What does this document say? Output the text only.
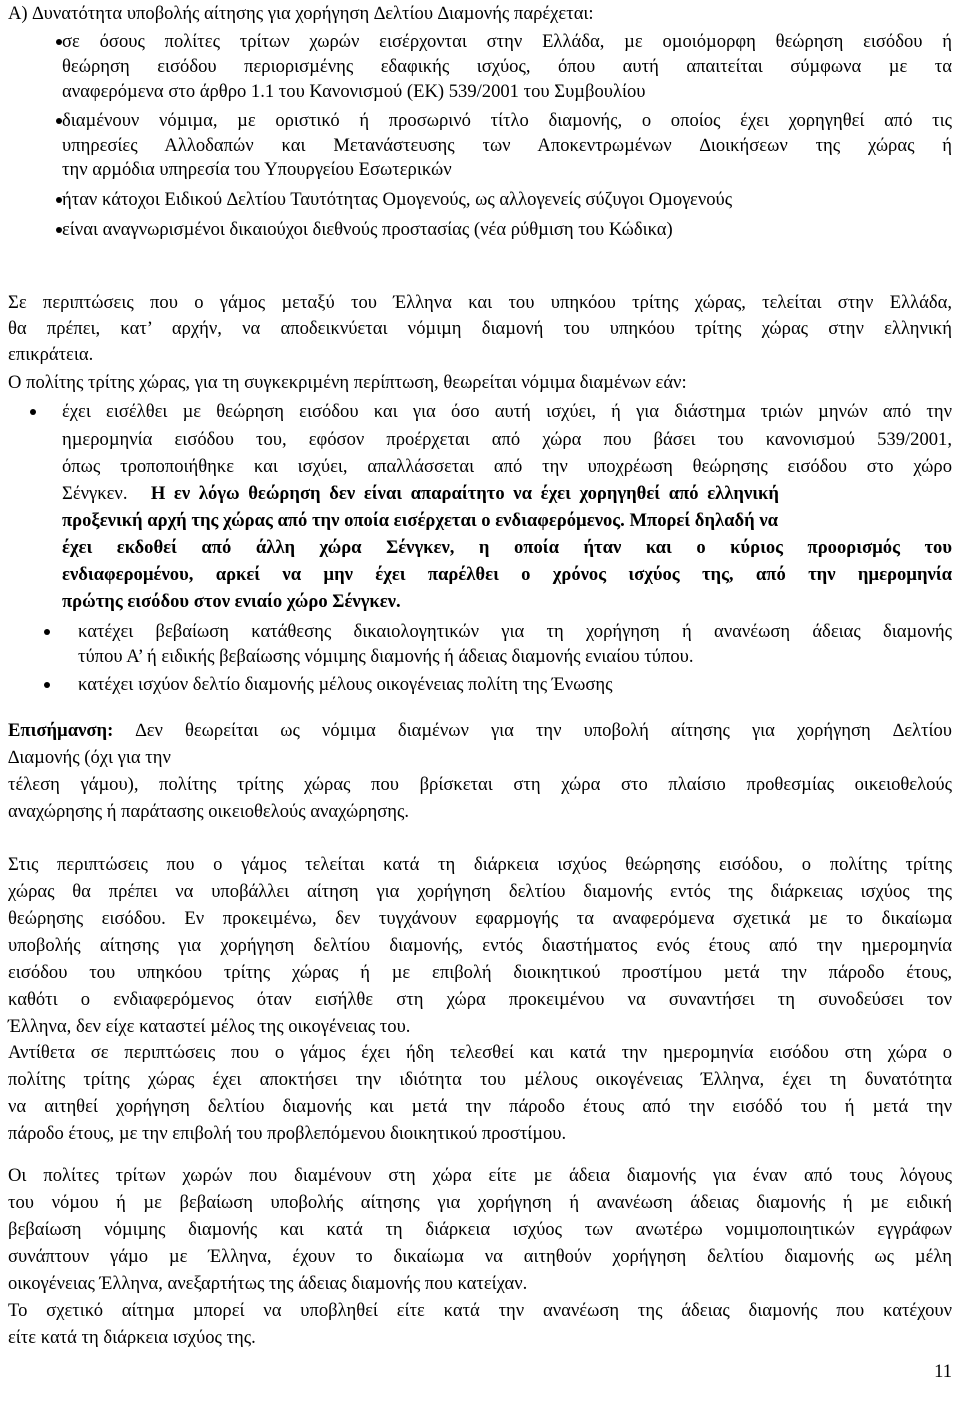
Α) ∆υνατότητα υποβολής αίτησης για χορήγηση ∆ελτίου ∆ιαµονής παρέχεται:
σε όσους πολίτες τρίτων χωρών εισέρχονται στην Ελλάδα, µε οµοιόµορφη θεώρηση εισόδου ή
θεώρηση εισόδου περιορισµένης εδαφικής ισχύος, όπου αυτή απαιτείται σύµφωνα µε τα
αναφερόµενα στο άρθρο 1.1 του Κανονισµού (ΕΚ) 539/2001 του Συµβουλίου
διαµένουν νόµιµα, µε οριστικό ή προσωρινό τίτλο διαµονής, ο οποίος έχει χορηγηθεί από τις
υπηρεσίες Αλλοδαπών και Μετανάστευσης των Αποκεντρωµένων ∆ιοικήσεων της χώρας ή
την αρµόδια υπηρεσία του Υπουργείου Εσωτερικών
ήταν κάτοχοι Ειδικού ∆ελτίου Ταυτότητας Οµογενούς, ως αλλογενείς σύζυγοι Οµογενούς
είναι αναγνωρισµένοι δικαιούχοι διεθνούς προστασίας (νέα ρύθµιση του Κώδικα)
Σε περιπτώσεις που ο γάµος µεταξύ του Έλληνα και του υπηκόου τρίτης χώρας, τελείται στην Ελλάδα,
θα πρέπει, κατ’ αρχήν, να αποδεικνύεται νόµιµη διαµονή του υπηκόου τρίτης χώρας στην ελληνική
επικράτεια.
Ο πολίτης τρίτης χώρας, για τη συγκεκριµένη περίπτωση, θεωρείται νόµιµα διαµένων εάν:
έχει εισέλθει µε θεώρηση εισόδου και για όσο αυτή ισχύει, ή για διάστηµα τριών µηνών από την
ηµεροµηνία εισόδου του, εφόσον προέρχεται από χώρα που βάσει του κανονισµού 539/2001,
όπως τροποποιήθηκε και ισχύει, απαλλάσσεται από την υποχρέωση θεώρησης εισόδου στο χώρο
Σένγκεν. Η εν λόγω θεώρηση δεν είναι απαραίτητο να έχει χορηγηθεί από ελληνική
προξενική αρχή της χώρας από την οποία εισέρχεται ο ενδιαφερόµενος. Μπορεί δηλαδή να
έχει εκδοθεί από άλλη χώρα Σένγκεν, η οποία ήταν και ο κύριος προορισµός του
ενδιαφεροµένου, αρκεί να µην έχει παρέλθει ο χρόνος ισχύος της, από την ηµεροµηνία
πρώτης εισόδου στον ενιαίο χώρο Σένγκεν.
κατέχει βεβαίωση κατάθεσης δικαιολογητικών για τη χορήγηση ή ανανέωση άδειας διαµονής
τύπου Α’ ή ειδικής βεβαίωσης νόµιµης διαµονής ή άδειας διαµονής ενιαίου τύπου.
κατέχει ισχύον δελτίο διαµονής µέλους οικογένειας πολίτη της Ένωσης
Επισήµανση: ∆εν θεωρείται ως νόµιµα διαµένων για την υποβολή αίτησης για χορήγηση ∆ελτίου
∆ιαµονής (όχι για την
τέλεση γάµου), πολίτης τρίτης χώρας που βρίσκεται στη χώρα στο πλαίσιο προθεσµίας οικειοθελούς
αναχώρησης ή παράτασης οικειοθελούς αναχώρησης.
Στις περιπτώσεις που ο γάµος τελείται κατά τη διάρκεια ισχύος θεώρησης εισόδου, ο πολίτης τρίτης
χώρας θα πρέπει να υποβάλλει αίτηση για χορήγηση δελτίου διαµονής εντός της διάρκειας ισχύος της
θεώρησης εισόδου. Εν προκειµένω, δεν τυγχάνουν εφαρµογής τα αναφερόµενα σχετικά µε το δικαίωµα
υποβολής αίτησης για χορήγηση δελτίου διαµονής, εντός διαστήµατος ενός έτους από την ηµεροµηνία
εισόδου του υπηκόου τρίτης χώρας ή µε επιβολή διοικητικού προστίµου µετά την πάροδο έτους,
καθότι ο ενδιαφερόµενος όταν εισήλθε στη χώρα προκειµένου να συναντήσει τη συνοδεύσει τον
Έλληνα, δεν είχε καταστεί µέλος της οικογένειας του.
Αντίθετα σε περιπτώσεις που ο γάµος έχει ήδη τελεσθεί και κατά την ηµεροµηνία εισόδου στη χώρα ο
πολίτης τρίτης χώρας έχει αποκτήσει την ιδιότητα του µέλους οικογένειας Έλληνα, έχει τη δυνατότητα
να αιτηθεί χορήγηση δελτίου διαµονής και µετά την πάροδο έτους από την εισόδό του ή µετά την
πάροδο έτους, µε την επιβολή του προβλεπόµενου διοικητικού προστίµου.
Οι πολίτες τρίτων χωρών που διαµένουν στη χώρα είτε µε άδεια διαµονής για έναν από τους λόγους
του νόµου ή µε βεβαίωση υποβολής αίτησης για χορήγηση ή ανανέωση άδειας διαµονής ή µε ειδική
βεβαίωση νόµιµης διαµονής και κατά τη διάρκεια ισχύος των ανωτέρω νοµιµοποιητικών εγγράφων
συνάπτουν γάµο µε Έλληνα, έχουν το δικαίωµα να αιτηθούν χορήγηση δελτίου διαµονής ως µέλη
οικογένειας Έλληνα, ανεξαρτήτως της άδειας διαµονής που κατείχαν.
Το σχετικό αίτηµα µπορεί να υποβληθεί είτε κατά την ανανέωση της άδειας διαµονής που κατέχουν
είτε κατά τη διάρκεια ισχύος της.
11
